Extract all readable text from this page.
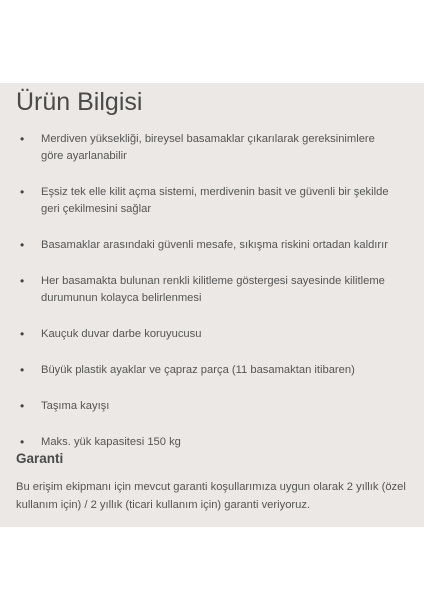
Ürün Bilgisi
• Merdiven yüksekliği, bireysel basamaklar çıkarılarak gereksinimlere göre ayarlanabilir
• Eşsiz tek elle kilit açma sistemi, merdivenin basit ve güvenli bir şekilde geri çekilmesini sağlar
• Basamaklar arasındaki güvenli mesafe, sıkışma riskini ortadan kaldırır
• Her basamakta bulunan renkli kilitleme göstergesi sayesinde kilitleme durumunun kolayca belirlenmesi
• Kauçuk duvar darbe koruyucusu
• Büyük plastik ayaklar ve çapraz parça (11 basamaktan itibaren)
• Taşıma kayışı
• Maks. yük kapasitesi 150 kg
Garanti

Bu erişim ekipmanı için mevcut garanti koşullarımıza uygun olarak 2 yıllık (özel kullanım için) / 2 yıllık (ticari kullanım için) garanti veriyoruz.
